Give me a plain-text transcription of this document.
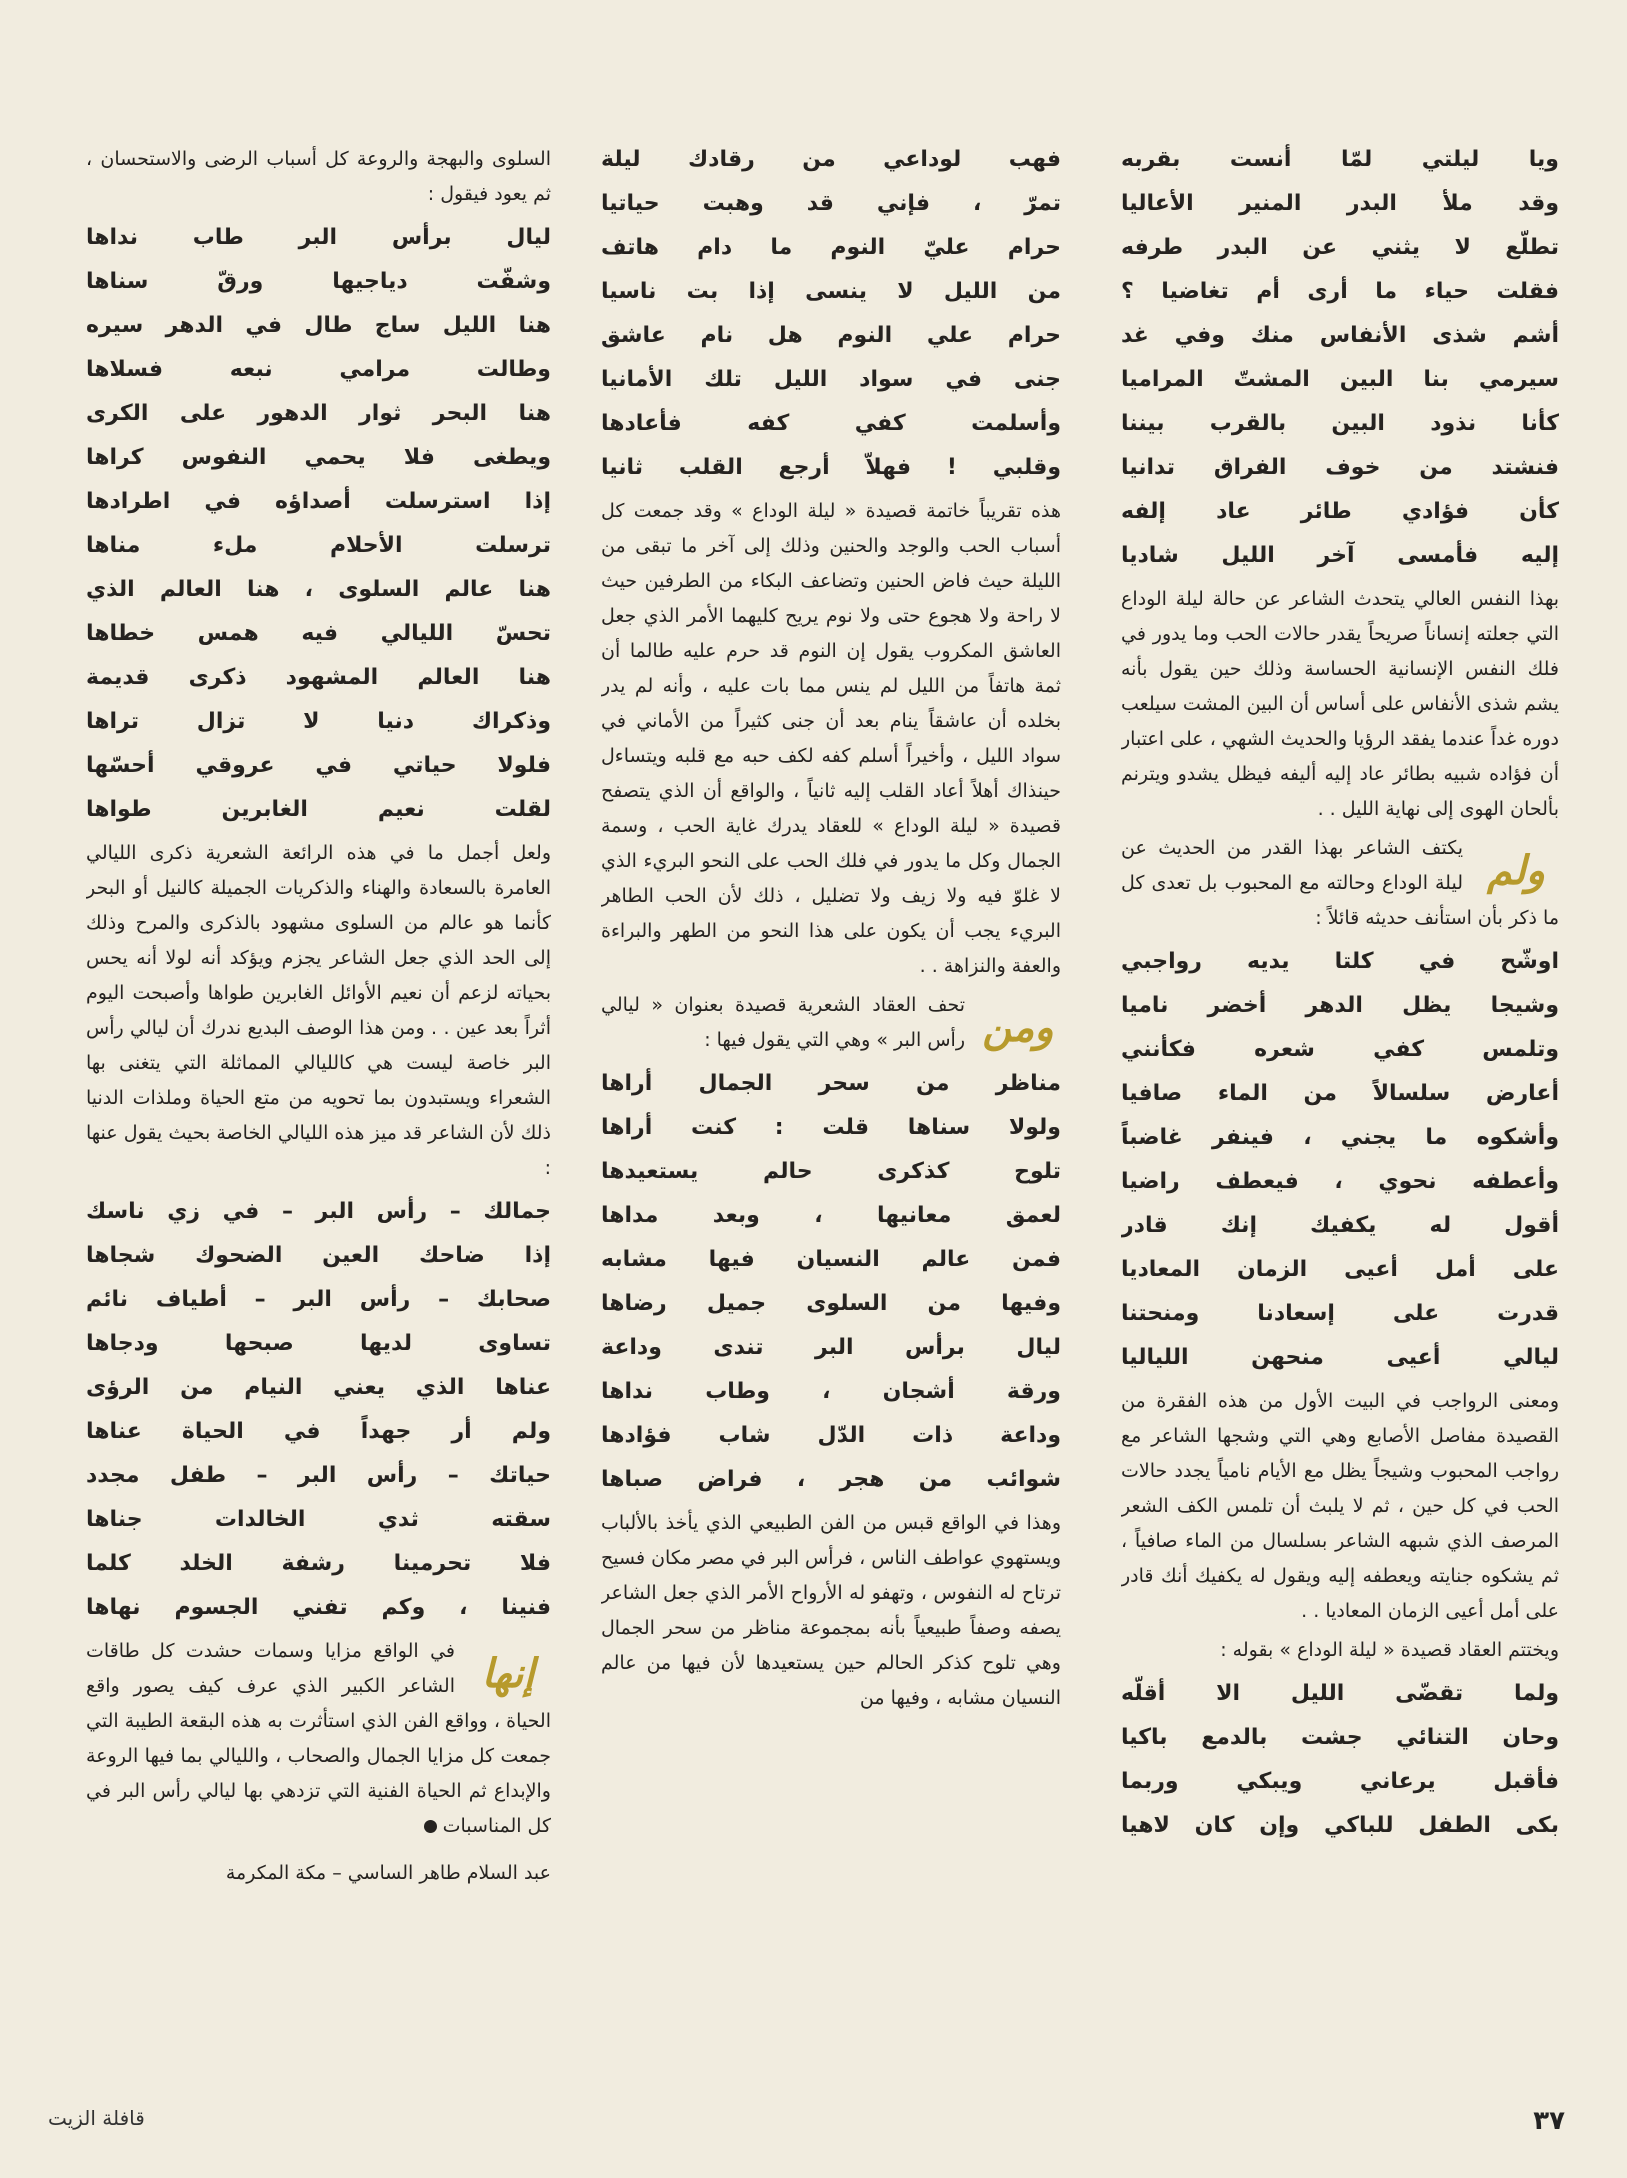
ويا ليلتي لمّا أنست بقربه

وقد ملأ البدر المنير الأعاليا

تطلّع لا يثني عن البدر طرفه

فقلت حياء ما أرى أم تغاضيا ؟

أشم شذى الأنفاس منك وفي غد

سيرمي بنا البين المشتّ المراميا

كأنا نذود البين بالقرب بيننا

فنشتد من خوف الفراق تدانيا

كأن فؤادي طائر عاد إلفه

إليه فأمسى آخر الليل شاديا

بهذا النفس العالي يتحدث الشاعر عن حالة ليلة الوداع التي جعلته إنساناً صريحاً يقدر حالات الحب وما يدور في فلك النفس الإنسانية الحساسة وذلك حين يقول بأنه يشم شذى الأنفاس على أساس أن البين المشت سيلعب دوره غداً عندما يفقد الرؤيا والحديث الشهي ، على اعتبار أن فؤاده شبيه بطائر عاد إليه أليفه فيظل يشدو ويترنم بألحان الهوى إلى نهاية الليل . .

ولم

يكتف الشاعر بهذا القدر من الحديث عن ليلة الوداع وحالته مع المحبوب بل تعدى كل ما ذكر بأن استأنف حديثه قائلاً :

اوشّح في كلتا يديه رواجبي

وشيجا يظل الدهر أخضر ناميا

وتلمس كفي شعره فكأنني

أعارض سلسالاً من الماء صافيا

وأشكوه ما يجني ، فينفر غاضباً

وأعطفه نحوي ، فيعطف راضيا

أقول له يكفيك إنك قادر

على أمل أعيى الزمان المعاديا

قدرت على إسعادنا ومنحتنا

ليالي أعيى منحهن اللياليا

ومعنى الرواجب في البيت الأول من هذه الفقرة من القصيدة مفاصل الأصابع وهي التي وشجها الشاعر مع رواجب المحبوب وشيجاً يظل مع الأيام نامياً يجدد حالات الحب في كل حين ، ثم لا يلبث أن تلمس الكف الشعر المرصف الذي شبهه الشاعر بسلسال من الماء صافياً ، ثم يشكوه جنايته ويعطفه إليه ويقول له يكفيك أنك قادر على أمل أعيى الزمان المعاديا . .

ويختتم العقاد قصيدة « ليلة الوداع » بقوله :

ولما تقضّى الليل الا أقلّه

وحان التنائي جشت بالدمع باكيا

فأقبل يرعاني ويبكي وربما

بكى الطفل للباكي وإن كان لاهيا

فهب لوداعي من رقادك ليلة

تمرّ ، فإني قد وهبت حياتيا

حرام عليّ النوم ما دام هاتف

من الليل لا ينسى إذا بت ناسيا

حرام علي النوم هل نام عاشق

جنى في سواد الليل تلك الأمانيا

وأسلمت كفي كفه فأعادها

وقلبي ! فهلاّ أرجع القلب ثانيا

هذه تقريباً خاتمة قصيدة « ليلة الوداع » وقد جمعت كل أسباب الحب والوجد والحنين وذلك إلى آخر ما تبقى من الليلة حيث فاض الحنين وتضاعف البكاء من الطرفين حيث لا راحة ولا هجوع حتى ولا نوم يريح كليهما الأمر الذي جعل العاشق المكروب يقول إن النوم قد حرم عليه طالما أن ثمة هاتفاً من الليل لم ينس مما بات عليه ، وأنه لم يدر بخلده أن عاشقاً ينام بعد أن جنى كثيراً من الأماني في سواد الليل ، وأخيراً أسلم كفه لكف حبه مع قلبه ويتساءل حينذاك أهلاً أعاد القلب إليه ثانياً ، والواقع أن الذي يتصفح قصيدة « ليلة الوداع » للعقاد يدرك غاية الحب ، وسمة الجمال وكل ما يدور في فلك الحب على النحو البريء الذي لا غلوّ فيه ولا زيف ولا تضليل ، ذلك لأن الحب الطاهر البريء يجب أن يكون على هذا النحو من الطهر والبراءة والعفة والنزاهة . .

ومن

تحف العقاد الشعرية قصيدة بعنوان « ليالي رأس البر » وهي التي يقول فيها :

مناظر من سحر الجمال أراها

ولولا سناها قلت : كنت أراها

تلوح كذكرى حالم يستعيدها

لعمق معانيها ، وبعد مداها

فمن عالم النسيان فيها مشابه

وفيها من السلوى جميل رضاها

ليال برأس البر تندى وداعة

ورقة أشجان ، وطاب نداها

وداعة ذات الدّل شاب فؤادها

شوائب من هجر ، فراض صباها

وهذا في الواقع قبس من الفن الطبيعي الذي يأخذ بالألباب ويستهوي عواطف الناس ، فرأس البر في مصر مكان فسيح ترتاح له النفوس ، وتهفو له الأرواح الأمر الذي جعل الشاعر يصفه وصفاً طبيعياً بأنه بمجموعة مناظر من سحر الجمال وهي تلوح كذكر الحالم حين يستعيدها لأن فيها من عالم النسيان مشابه ، وفيها من

السلوى والبهجة والروعة كل أسباب الرضى والاستحسان ، ثم يعود فيقول :

ليال برأس البر طاب نداها

وشفّت دياجيها ورقّ سناها

هنا الليل ساج طال في الدهر سيره

وطالت مرامي نبعه فسلاها

هنا البحر ثوار الدهور على الكرى

ويطغى فلا يحمي النفوس كراها

إذا استرسلت أصداؤه في اطرادها

ترسلت الأحلام ملء مناها

هنا عالم السلوى ، هنا العالم الذي

تحسّ الليالي فيه همس خطاها

هنا العالم المشهود ذكرى قديمة

وذكراك دنيا لا تزال تراها

فلولا حياتي في عروقي أحسّها

لقلت نعيم الغابرين طواها

ولعل أجمل ما في هذه الرائعة الشعرية ذكرى الليالي العامرة بالسعادة والهناء والذكريات الجميلة كالنيل أو البحر كأنما هو عالم من السلوى مشهود بالذكرى والمرح وذلك إلى الحد الذي جعل الشاعر يجزم ويؤكد أنه لولا أنه يحس بحياته لزعم أن نعيم الأوائل الغابرين طواها وأصبحت اليوم أثراً بعد عين . . ومن هذا الوصف البديع ندرك أن ليالي رأس البر خاصة ليست هي كالليالي المماثلة التي يتغنى بها الشعراء ويستبدون بما تحويه من متع الحياة وملذات الدنيا ذلك لأن الشاعر قد ميز هذه الليالي الخاصة بحيث يقول عنها :

جمالك – رأس البر – في زي ناسك

إذا ضاحك العين الضحوك شجاها

صحابك – رأس البر – أطياف نائم

تساوى لديها صبحها ودجاها

عناها الذي يعني النيام من الرؤى

ولم أر جهداً في الحياة عناها

حياتك – رأس البر – طفل مجدد

سقته ثدي الخالدات جناها

فلا تحرمينا رشفة الخلد كلما

فنينا ، وكم تفني الجسوم نهاها

إنها

في الواقع مزايا وسمات حشدت كل طاقات الشاعر الكبير الذي عرف كيف يصور واقع الحياة ، وواقع الفن الذي استأثرت به هذه البقعة الطيبة التي جمعت كل مزايا الجمال والصحاب ، والليالي بما فيها الروعة والإبداع ثم الحياة الفنية التي تزدهي بها ليالي رأس البر في كل المناسبات

عبد السلام طاهر الساسي – مكة المكرمة
قافلة الزيت	٣٧
